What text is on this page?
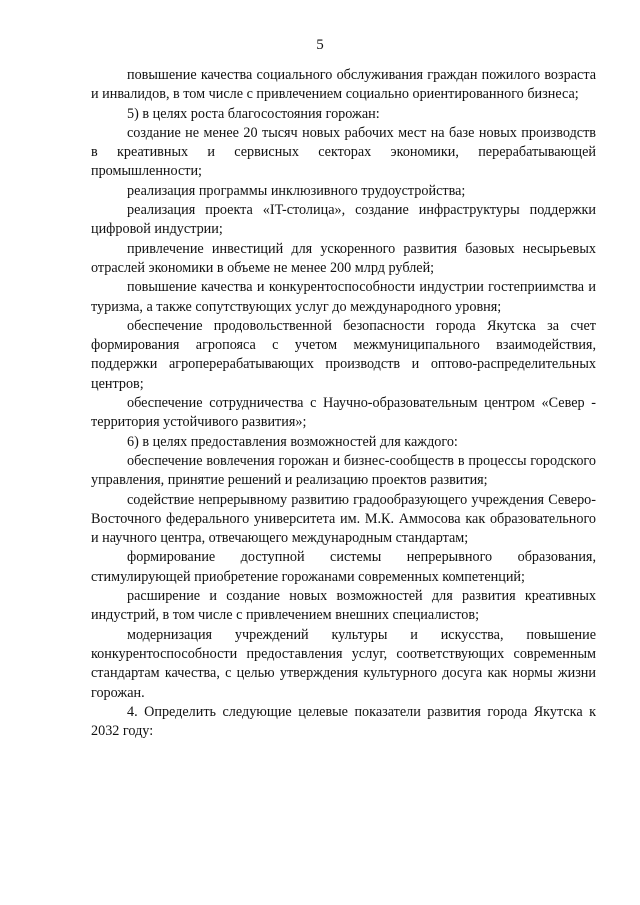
5

повышение качества социального обслуживания граждан пожилого возраста и инвалидов, в том числе с привлечением социально ориентированного бизнеса;

5) в целях роста благосостояния горожан:

создание не менее 20 тысяч новых рабочих мест на базе новых производств в креативных и сервисных секторах экономики, перерабатывающей промышленности;

реализация программы инклюзивного трудоустройства;

реализация проекта «IT-столица», создание инфраструктуры поддержки цифровой индустрии;

привлечение инвестиций для ускоренного развития базовых несырьевых отраслей экономики в объеме не менее 200 млрд рублей;

повышение качества и конкурентоспособности индустрии гостеприимства и туризма, а также сопутствующих услуг до международного уровня;

обеспечение продовольственной безопасности города Якутска за счет формирования агропояса с учетом межмуниципального взаимодействия, поддержки агроперерабатывающих производств и оптово-распределительных центров;

обеспечение сотрудничества с Научно-образовательным центром «Север - территория устойчивого развития»;

6) в целях предоставления возможностей для каждого:

обеспечение вовлечения горожан и бизнес-сообществ в процессы городского управления, принятие решений и реализацию проектов развития;

содействие непрерывному развитию градообразующего учреждения Северо-Восточного федерального университета им. М.К. Аммосова как образовательного и научного центра, отвечающего международным стандартам;

формирование доступной системы непрерывного образования, стимулирующей приобретение горожанами современных компетенций;

расширение и создание новых возможностей для развития креативных индустрий, в том числе с привлечением внешних специалистов;

модернизация учреждений культуры и искусства, повышение конкурентоспособности предоставления услуг, соответствующих современным стандартам качества, с целью утверждения культурного досуга как нормы жизни горожан.

4. Определить следующие целевые показатели развития города Якутска к 2032 году:
